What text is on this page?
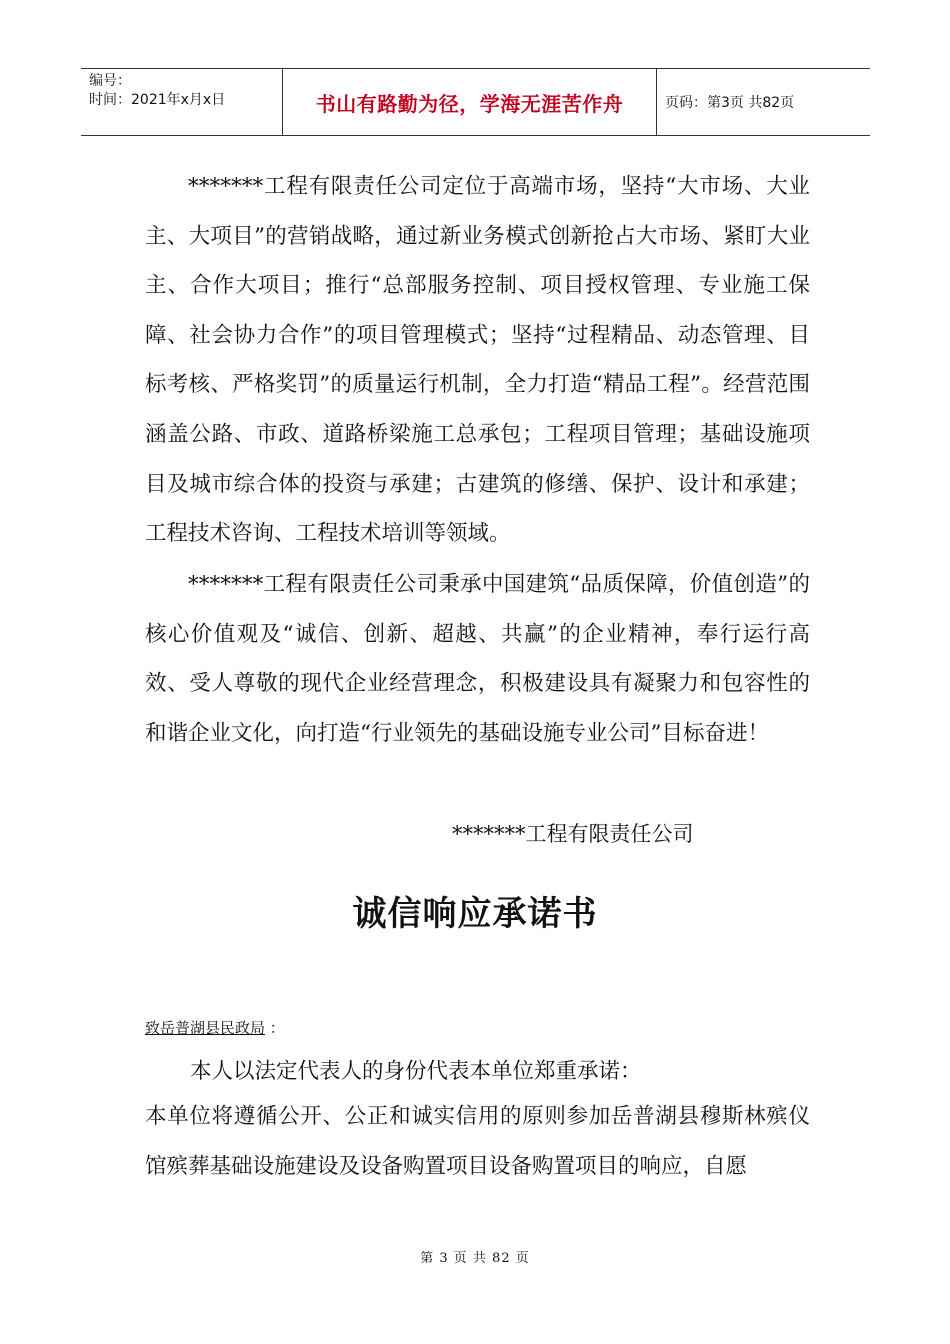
编号：
时间：2021年x月x日	书山有路勤为径，学海无涯苦作舟	页码：第3页 共82页

*******工程有限责任公司定位于高端市场，坚持“大市场、大业主、大项目”的营销战略，通过新业务模式创新抢占大市场、紧盯大业主、合作大项目；推行“总部服务控制、项目授权管理、专业施工保障、社会协力合作”的项目管理模式；坚持“过程精品、动态管理、目标考核、严格奖罚”的质量运行机制，全力打造“精品工程”。经营范围涵盖公路、市政、道路桥梁施工总承包；工程项目管理；基础设施项目及城市综合体的投资与承建；古建筑的修缮、保护、设计和承建；工程技术咨询、工程技术培训等领域。

*******工程有限责任公司秉承中国建筑“品质保障，价值创造”的核心价值观及“诚信、创新、超越、共赢”的企业精神，奉行运行高效、受人尊敬的现代企业经营理念，积极建设具有凝聚力和包容性的和谐企业文化，向打造“行业领先的基础设施专业公司”目标奋进！

*******工程有限责任公司
诚信响应承诺书
致岳普湖县民政局 ：
本人以法定代表人的身份代表本单位郑重承诺：

本单位将遵循公开、公正和诚实信用的原则参加岳普湖县穆斯林殡仪馆殡葬基础设施建设及设备购置项目设备购置项目的响应，自愿

第 3 页 共 82 页
